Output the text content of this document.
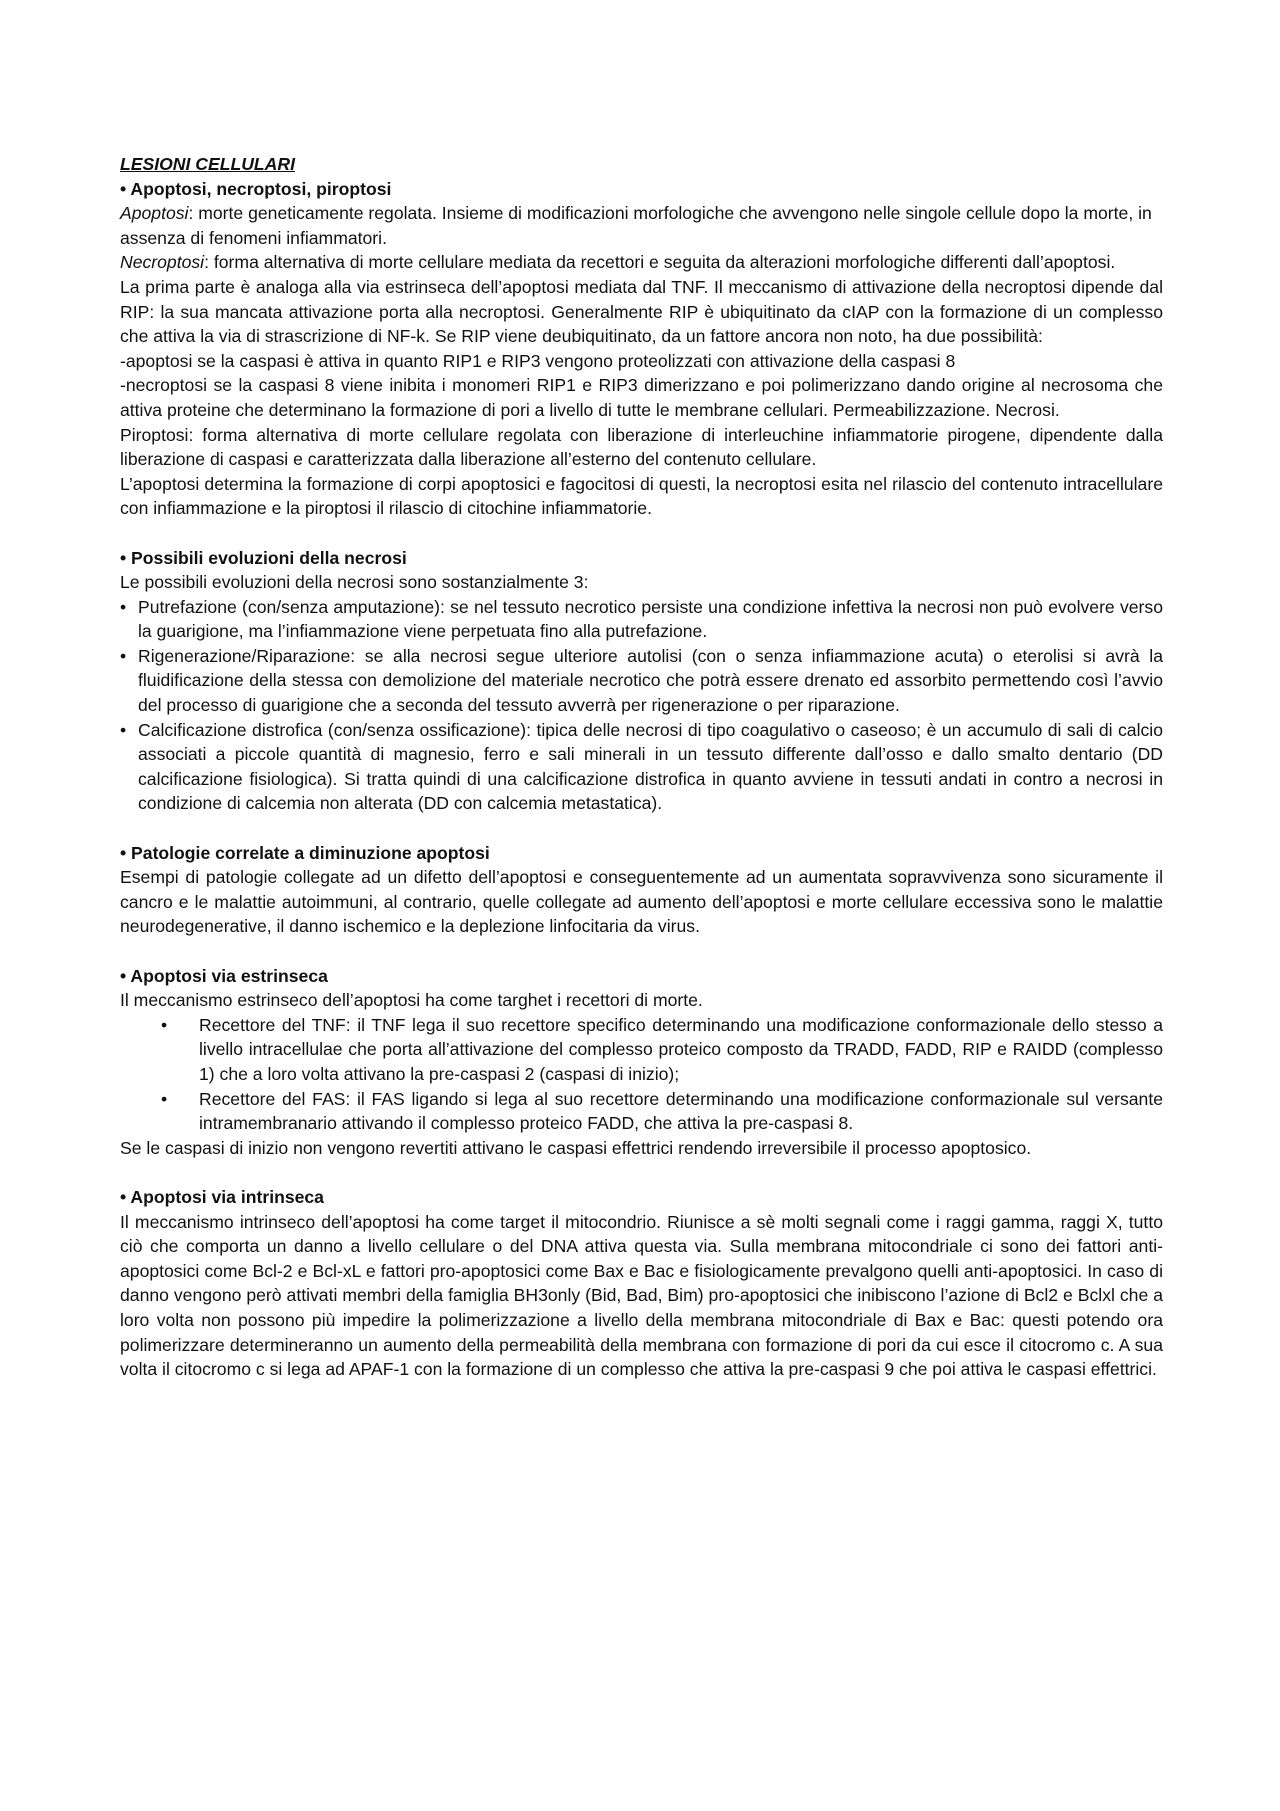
LESIONI CELLULARI

• Apoptosi, necroptosi, piroptosi

Apoptosi: morte geneticamente regolata. Insieme di modificazioni morfologiche che avvengono nelle singole cellule dopo la morte, in assenza di fenomeni infiammatori.

Necroptosi: forma alternativa di morte cellulare mediata da recettori e seguita da alterazioni morfologiche differenti dall’apoptosi.

La prima parte è analoga alla via estrinseca dell’apoptosi mediata dal TNF. Il meccanismo di attivazione della necroptosi dipende dal RIP: la sua mancata attivazione porta alla necroptosi. Generalmente RIP è ubiquitinato da cIAP con la formazione di un complesso che attiva la via di strascrizione di NF-k. Se RIP viene deubiquitinato, da un fattore ancora non noto, ha due possibilità:

-apoptosi se la caspasi è attiva in quanto RIP1 e RIP3 vengono proteolizzati con attivazione della caspasi 8

-necroptosi se la caspasi 8 viene inibita i monomeri RIP1 e RIP3 dimerizzano e poi polimerizzano dando origine al necrosoma che attiva proteine che determinano la formazione di pori a livello di tutte le membrane cellulari. Permeabilizzazione. Necrosi.

Piroptosi: forma alternativa di morte cellulare regolata con liberazione di interleuchine infiammatorie pirogene, dipendente dalla liberazione di caspasi e caratterizzata dalla liberazione all’esterno del contenuto cellulare.

L’apoptosi determina la formazione di corpi apoptosici e fagocitosi di questi, la necroptosi esita nel rilascio del contenuto intracellulare con infiammazione e la piroptosi il rilascio di citochine infiammatorie.

• Possibili evoluzioni della necrosi

Le possibili evoluzioni della necrosi sono sostanzialmente 3:

• Putrefazione (con/senza amputazione): se nel tessuto necrotico persiste una condizione infettiva la necrosi non può evolvere verso la guarigione, ma l’infiammazione viene perpetuata fino alla putrefazione.
• Rigenerazione/Riparazione: se alla necrosi segue ulteriore autolisi (con o senza infiammazione acuta) o eterolisi si avrà la fluidificazione della stessa con demolizione del materiale necrotico che potrà essere drenato ed assorbito permettendo così l’avvio del processo di guarigione che a seconda del tessuto avverrà per rigenerazione o per riparazione.
• Calcificazione distrofica (con/senza ossificazione): tipica delle necrosi di tipo coagulativo o caseoso; è un accumulo di sali di calcio associati a piccole quantità di magnesio, ferro e sali minerali in un tessuto differente dall’osso e dallo smalto dentario (DD calcificazione fisiologica). Si tratta quindi di una calcificazione distrofica in quanto avviene in tessuti andati in contro a necrosi in condizione di calcemia non alterata (DD con calcemia metastatica).

• Patologie correlate a diminuzione apoptosi

Esempi di patologie collegate ad un difetto dell’apoptosi e conseguentemente ad un aumentata sopravvivenza sono sicuramente il cancro e le malattie autoimmuni, al contrario, quelle collegate ad aumento dell’apoptosi e morte cellulare eccessiva sono le malattie neurodegenerative, il danno ischemico e la deplezione linfocitaria da virus.

• Apoptosi via estrinseca

Il meccanismo estrinseco dell’apoptosi ha come targhet i recettori di morte.

• Recettore del TNF: il TNF lega il suo recettore specifico determinando una modificazione conformazionale dello stesso a livello intracellulae che porta all’attivazione del complesso proteico composto da TRADD, FADD, RIP e RAIDD (complesso 1) che a loro volta attivano la pre-caspasi 2 (caspasi di inizio);
• Recettore del FAS: il FAS ligando si lega al suo recettore determinando una modificazione conformazionale sul versante intramembranario attivando il complesso proteico FADD, che attiva la pre-caspasi 8.

Se le caspasi di inizio non vengono revertiti attivano le caspasi effettrici rendendo irreversibile il processo apoptosico.

• Apoptosi via intrinseca

Il meccanismo intrinseco dell’apoptosi ha come target il mitocondrio. Riunisce a sè molti segnali come i raggi gamma, raggi X, tutto ciò che comporta un danno a livello cellulare o del DNA attiva questa via. Sulla membrana mitocondriale ci sono dei fattori anti-apoptosici come Bcl-2 e Bcl-xL e fattori pro-apoptosici come Bax e Bac e fisiologicamente prevalgono quelli anti-apoptosici. In caso di danno vengono però attivati membri della famiglia BH3only (Bid, Bad, Bim) pro-apoptosici che inibiscono l’azione di Bcl2 e Bclxl che a loro volta non possono più impedire la polimerizzazione a livello della membrana mitocondriale di Bax e Bac: questi potendo ora polimerizzare determineranno un aumento della permeabilità della membrana con formazione di pori da cui esce il citocromo c. A sua volta il citocromo c si lega ad APAF-1 con la formazione di un complesso che attiva la pre-caspasi 9 che poi attiva le caspasi effettrici.
